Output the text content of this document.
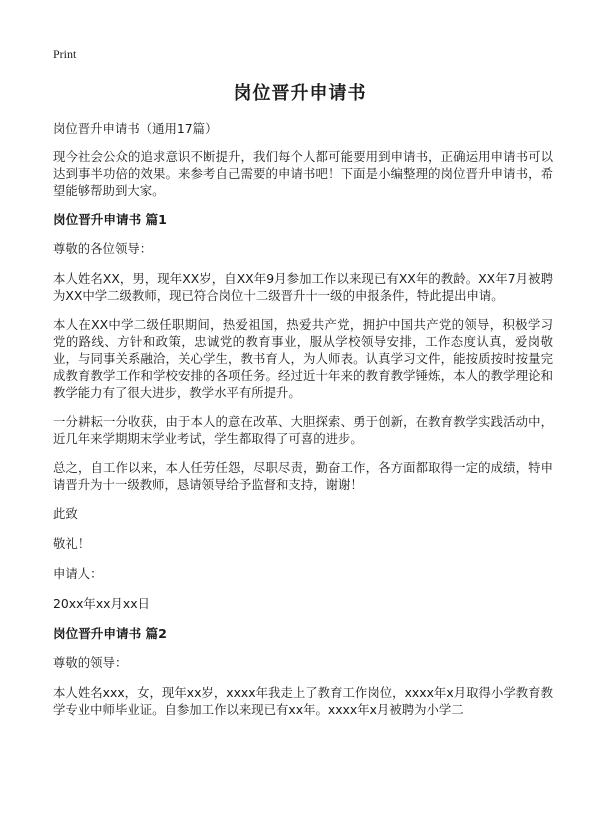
Print
岗位晋升申请书
岗位晋升申请书（通用17篇）
现今社会公众的追求意识不断提升，我们每个人都可能要用到申请书，正确运用申请书可以达到事半功倍的效果。来参考自己需要的申请书吧！下面是小编整理的岗位晋升申请书，希望能够帮助到大家。
岗位晋升申请书 篇1
尊敬的各位领导：
本人姓名XX，男，现年XX岁，自XX年9月参加工作以来现已有XX年的教龄。XX年7月被聘为XX中学二级教师，现已符合岗位十二级晋升十一级的申报条件，特此提出申请。
本人在XX中学二级任职期间，热爱祖国，热爱共产党，拥护中国共产党的领导，积极学习党的路线、方针和政策，忠诚党的教育事业，服从学校领导安排，工作态度认真，爱岗敬业，与同事关系融洽，关心学生，教书育人，为人师表。认真学习文件，能按质按时按量完成教育教学工作和学校安排的各项任务。经过近十年来的教育教学锤炼，本人的教学理论和教学能力有了很大进步，教学水平有所提升。
一分耕耘一分收获，由于本人的意在改革、大胆探索、勇于创新，在教育教学实践活动中，近几年来学期期末学业考试，学生都取得了可喜的进步。
总之，自工作以来，本人任劳任怨，尽职尽责，勤奋工作，各方面都取得一定的成绩，特申请晋升为十一级教师，恳请领导给予监督和支持，谢谢！
此致
敬礼！
申请人：
20xx年xx月xx日
岗位晋升申请书 篇2
尊敬的领导：
本人姓名xxx，女，现年xx岁，xxxx年我走上了教育工作岗位，xxxx年x月取得小学教育教学专业中师毕业证。自参加工作以来现已有xx年。xxxx年x月被聘为小学二
